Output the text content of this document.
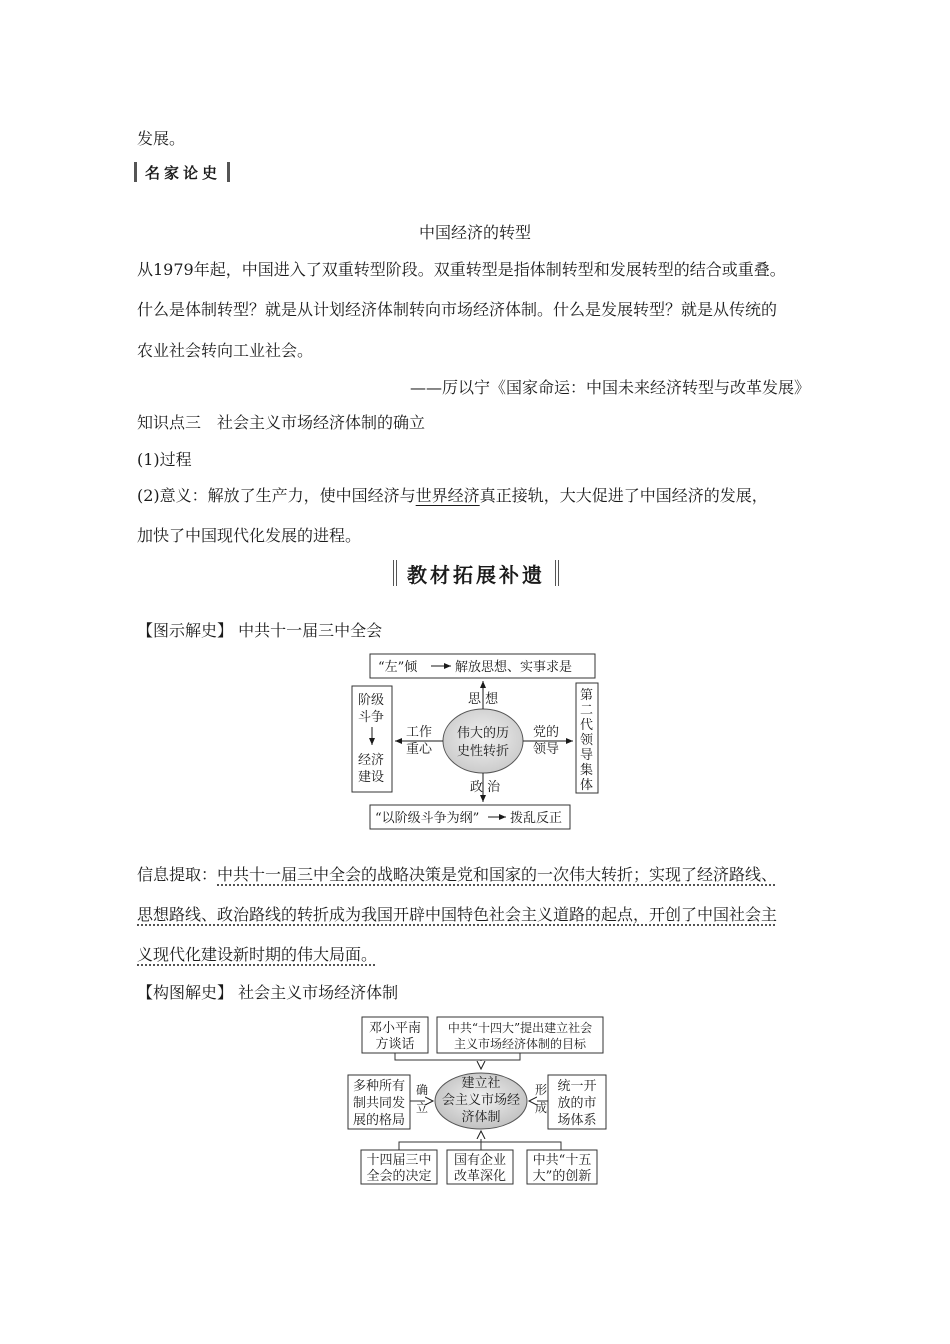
发展。
名家论史
中国经济的转型
从1979年起，中国进入了双重转型阶段。双重转型是指体制转型和发展转型的结合或重叠。
什么是体制转型？就是从计划经济体制转向市场经济体制。什么是发展转型？就是从传统的
农业社会转向工业社会。
——厉以宁《国家命运：中国未来经济转型与改革发展》
知识点三　社会主义市场经济体制的确立
(1)过程
(2)意义：解放了生产力，使中国经济与世界经济真正接轨，大大促进了中国经济的发展，
加快了中国现代化发展的进程。
教材拓展补遗
【图示解史】 中共十一届三中全会
“左”倾	解放思想、实事求是
“以阶级斗争为纲” 拨乱反正
阶级
斗争
经济
建设
第
二
代
领
导
集
体
伟大的历
史性转折
思 想
政 治
工作
重心
党的
领导
信息提取：中共十一届三中全会的战略决策是党和国家的一次伟大转折；实现了经济路线、
思想路线、政治路线的转折成为我国开辟中国特色社会主义道路的起点，开创了中国社会主
义现代化建设新时期的伟大局面。
【构图解史】 社会主义市场经济体制
邓小平南
方谈话
中共“十四大”提出建立社会
主义市场经济体制的目标
多种所有
制共同发
展的格局
统一开
放的市
场体系
建立社
会主义市场经
济体制
确
立
形
成
十四届三中
全会的决定
国有企业
改革深化
中共“十五
大”的创新
